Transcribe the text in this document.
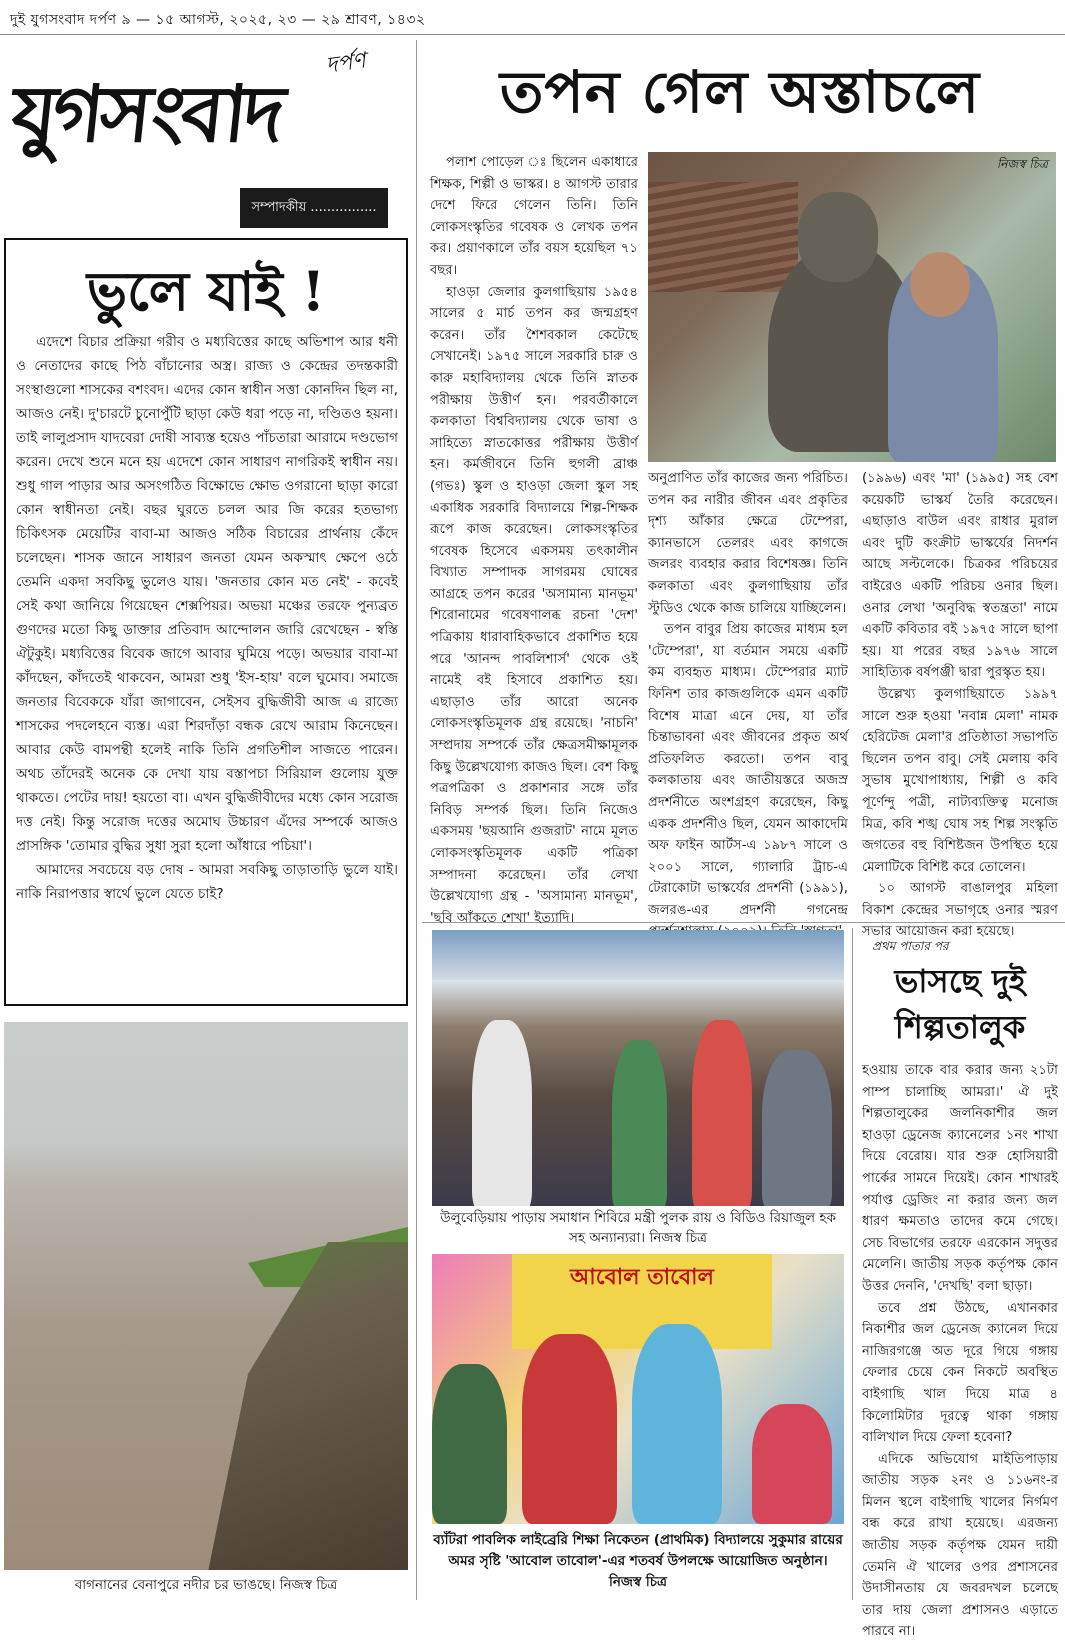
দুই যুগসংবাদ দর্পণ ৯ — ১৫ আগস্ট, ২০২৫, ২৩ — ২৯ শ্রাবণ, ১৪৩২
যুগসংবাদ
দর্পণ
সম্পাদকীয় ................
ভুলে যাই !

এদেশে বিচার প্রক্রিয়া গরীব ও মধ্যবিত্তের কাছে অভিশাপ আর ধনী ও নেতাদের কাছে পিঠ বাঁচানোর অস্ত্র। রাজ্য ও কেন্দ্রের তদন্তকারী সংস্থাগুলো শাসকের বশংবদ। এদের কোন স্বাধীন সত্তা কোনদিন ছিল না, আজও নেই। দু'চারটে চুনোপুঁটি ছাড়া কেউ ধরা পড়ে না, দণ্ডিতও হয়না। তাই লালুপ্রসাদ যাদবেরা দোষী সাব্যস্ত হয়েও পাঁচতারা আরামে দণ্ডভোগ করেন। দেখে শুনে মনে হয় এদেশে কোন সাধারণ নাগরিকই স্বাধীন নয়। শুধু গাল পাড়ার আর অসংগঠিত বিক্ষোভে ক্ষোভ ওগরানো ছাড়া কারো কোন স্বাধীনতা নেই। বছর ঘুরতে চলল আর জি করের হতভাগ্য চিকিৎসক মেয়েটির বাবা-মা আজও সঠিক বিচারের প্রার্থনায় কেঁদে চলেছেন। শাসক জানে সাধারণ জনতা যেমন অকস্মাৎ ক্ষেপে ওঠে তেমনি একদা সবকিছু ভুলেও যায়। 'জনতার কোন মত নেই' - কবেই সেই কথা জানিয়ে গিয়েছেন শেক্সপিয়র। অভয়া মঞ্চের তরফে পুন্যব্রত গুণদের মতো কিছু ডাক্তার প্রতিবাদ আন্দোলন জারি রেখেছেন - স্বস্তি ঐটুকুই। মধ্যবিত্তের বিবেক জাগে আবার ঘুমিয়ে পড়ে। অভয়ার বাবা-মা কাঁদছেন, কাঁদতেই থাকবেন, আমরা শুধু 'ইস-হায়' বলে ঘুমোব। সমাজে জনতার বিবেককে যাঁরা জাগাবেন, সেইসব বুদ্ধিজীবী আজ এ রাজ্যে শাসকের পদলেহনে ব্যস্ত। এরা শিরদাঁড়া বন্ধক রেখে আরাম কিনেছেন। আবার কেউ বামপন্থী হলেই নাকি তিনি প্রগতিশীল সাজতে পারেন। অথচ তাঁদেরই অনেক কে দেখা যায় বস্তাপচা সিরিয়াল গুলোয় যুক্ত থাকতে। পেটের দায়! হয়তো বা। এখন বুদ্ধিজীবীদের মধ্যে কোন সরোজ দত্ত নেই। কিন্তু সরোজ দত্তের অমোঘ উচ্চারণ এঁদের সম্পর্কে আজও প্রাসঙ্গিক 'তোমার বুদ্ধির সুধা সুরা হলো আঁধারে পচিয়া'।

আমাদের সবচেয়ে বড় দোষ - আমরা সবকিছু তাড়াতাড়ি ভুলে যাই। নাকি নিরাপত্তার স্বার্থে ভুলে যেতে চাই?

বাগনানের বেনাপুরে নদীর চর ভাঙছে। নিজস্ব চিত্র
তপন গেল অস্তাচলে

পলাশ পোড়েল ঃ ছিলেন একাধারে শিক্ষক, শিল্পী ও ভাস্কর। ৪ আগস্ট তারার দেশে ফিরে গেলেন তিনি। তিনি লোকসংস্কৃতির গবেষক ও লেখক তপন কর। প্রয়াণকালে তাঁর বয়স হয়েছিল ৭১ বছর।

হাওড়া জেলার কুলগাছিয়ায় ১৯৫৪ সালের ৫ মার্চ তপন কর জন্মগ্রহণ করেন। তাঁর শৈশবকাল কেটেছে সেখানেই। ১৯৭৫ সালে সরকারি চারু ও কারু মহাবিদ্যালয় থেকে তিনি স্নাতক পরীক্ষায় উত্তীর্ণ হন। পরবর্তীকালে কলকাতা বিশ্ববিদ্যালয় থেকে ভাষা ও সাহিত্যে স্নাতকোত্তর পরীক্ষায় উত্তীর্ণ হন। কর্মজীবনে তিনি হুগলী ব্রাঞ্চ (গভঃ) স্কুল ও হাওড়া জেলা স্কুল সহ একাধিক সরকারি বিদ্যালয়ে শিল্প-শিক্ষক রূপে কাজ করেছেন। লোকসংস্কৃতির গবেষক হিসেবে একসময় তৎকালীন বিখ্যাত সম্পাদক সাগরময় ঘোষের আগ্রহে তপন করের 'অসামান্য মানভূম' শিরোনামের গবেষণালব্ধ রচনা 'দেশ' পত্রিকায় ধারাবাহিকভাবে প্রকাশিত হয়ে পরে 'আনন্দ পাবলিশার্স' থেকে ওই নামেই বই হিসাবে প্রকাশিত হয়। এছাড়াও তাঁর আরো অনেক লোকসংস্কৃতিমূলক গ্রন্থ রয়েছে। 'নাচনি' সম্প্রদায় সম্পর্কে তাঁর ক্ষেত্রসমীক্ষামূলক কিছু উল্লেখযোগ্য কাজও ছিল। বেশ কিছু পত্রপত্রিকা ও প্রকাশনার সঙ্গে তাঁর নিবিড় সম্পর্ক ছিল। তিনি নিজেও একসময় 'ছয়আনি গুজরাট' নামে মূলত লোকসংস্কৃতিমূলক একটি পত্রিকা সম্পাদনা করেছেন। তাঁর লেখা উল্লেখযোগ্য গ্রন্থ - 'অসামান্য মানভূম', 'ছবি আঁকতে শেখা' ইত্যাদি।

নিজস্ব চিত্র

অনুপ্রাণিত তাঁর কাজের জন্য পরিচিত। তপন কর নারীর জীবন এবং প্রকৃতির দৃশ্য আঁকার ক্ষেত্রে টেম্পেরা, ক্যানভাসে তেলরং এবং কাগজে জলরং ব্যবহার করার বিশেষজ্ঞ। তিনি কলকাতা এবং কুলগাছিয়ায় তাঁর স্টুডিও থেকে কাজ চালিয়ে যাচ্ছিলেন।

তপন বাবুর প্রিয় কাজের মাধ্যম হল 'টেম্পেরা', যা বর্তমান সময়ে একটি কম ব্যবহৃত মাধ্যম। টেম্পেরার ম্যাট ফিনিশ তার কাজগুলিকে এমন একটি বিশেষ মাত্রা এনে দেয়, যা তাঁর চিন্তাভাবনা এবং জীবনের প্রকৃত অর্থ প্রতিফলিত করতো। তপন বাবু কলকাতায় এবং জাতীয়স্তরে অজস্র প্রদর্শনীতে অংশগ্রহণ করেছেন, কিছু একক প্রদর্শনীও ছিল, যেমন আকাদেমি অফ ফাইন আর্টস-এ ১৯৮৭ সালে ও ২০০১ সালে, গ্যালারি ট্রাচ-এ টেরাকোটা ভাস্কর্যের প্রদর্শনী (১৯৯১), জলরঙ-এর প্রদর্শনী গগনেন্দ্র

(১৯৯৬) এবং 'মা' (১৯৯৫) সহ বেশ কয়েকটি ভাস্কর্য তৈরি করেছেন। এছাড়াও বাউল এবং রাধার মুরাল এবং দুটি কংক্রীট ভাস্কর্যের নিদর্শন আছে সল্টলেকে। চিত্রকর পরিচয়ের বাইরেও একটি পরিচয় ওনার ছিল। ওনার লেখা 'অনুবিদ্ধ স্বতন্ত্রতা' নামে একটি কবিতার বই ১৯৭৫ সালে ছাপা হয়। যা পরের বছর ১৯৭৬ সালে সাহিত্যিক বর্ষপঞ্জী দ্বারা পুরস্কৃত হয়।

উল্লেখ্য কুলগাছিয়াতে ১৯৯৭ সালে শুরু হওয়া 'নবান্ন মেলা' নামক হেরিটেজ মেলা'র প্রতিষ্ঠাতা সভাপতি ছিলেন তপন বাবু। সেই মেলায় কবি সুভাষ মুখোপাধ্যায়, শিল্পী ও কবি পূর্ণেন্দু পত্রী, নাট্যব্যক্তিত্ব মনোজ মিত্র, কবি শঙ্খ ঘোষ সহ শিল্প সংস্কৃতি জগতের বহু বিশিষ্টজন উপস্থিত হয়ে মেলাটিকে বিশিষ্ট করে তোলেন।

১০ আগস্ট বাঙালপুর মহিলা বিকাশ কেন্দ্রের সভাগৃহে ওনার স্মরণ সভার আয়োজন করা হয়েছে।

উলুবেড়িয়ায় পাড়ায় সমাধান শিবিরে মন্ত্রী পুলক রায় ও বিডিও রিয়াজুল হক সহ অন্যান্যরা। নিজস্ব চিত্র
আবোল তাবোল
ব্যাঁটরা পাবলিক লাইব্রেরি শিক্ষা নিকেতন (প্রাথমিক) বিদ্যালয়ে সুকুমার রায়ের অমর সৃষ্টি 'আবোল তাবোল'-এর শতবর্ষ উপলক্ষে আয়োজিত অনুষ্ঠান। নিজস্ব চিত্র
প্রথম পাতার পর
ভাসছে দুই
শিল্পতালুক

হওয়ায় তাকে বার করার জন্য ২১টা পাম্প চালাচ্ছি আমরা।' ঐ দুই শিল্পতালুকের জলনিকাশীর জল হাওড়া ড্রেনেজ ক্যানেলের ১নং শাখা দিয়ে বেরোয়। যার শুরু হোসিয়ারী পার্কের সামনে দিয়েই। কোন শাখারই পর্যাপ্ত ড্রেজিং না করার জন্য জল ধারণ ক্ষমতাও তাদের কমে গেছে। সেচ বিভাগের তরফে এরকোন সদুত্তর মেলেনি। জাতীয় সড়ক কর্তৃপক্ষ কোন উত্তর দেননি, 'দেখছি' বলা ছাড়া।

তবে প্রশ্ন উঠছে, এখানকার নিকাশীর জল ড্রেনেজ ক্যানেল দিয়ে নাজিরগঞ্জে অত দূরে গিয়ে গঙ্গায় ফেলার চেয়ে কেন নিকটে অবস্থিত বাইগাছি খাল দিয়ে মাত্র ৪ কিলোমিটার দূরত্বে থাকা গঙ্গায় বালিখাল দিয়ে ফেলা হবেনা?

এদিকে অভিযোগ মাইতিপাড়ায় জাতীয় সড়ক ২নং ও ১১৬নং-র মিলন স্থলে বাইগাছি খালের নির্গমণ বন্ধ করে রাখা হয়েছে। এরজন্য জাতীয় সড়ক কর্তৃপক্ষ যেমন দায়ী তেমনি ঐ খালের ওপর প্রশাসনের উদাসীনতায় যে জবরদখল চলেছে তার দায় জেলা প্রশাসনও এড়াতে পারবে না।
